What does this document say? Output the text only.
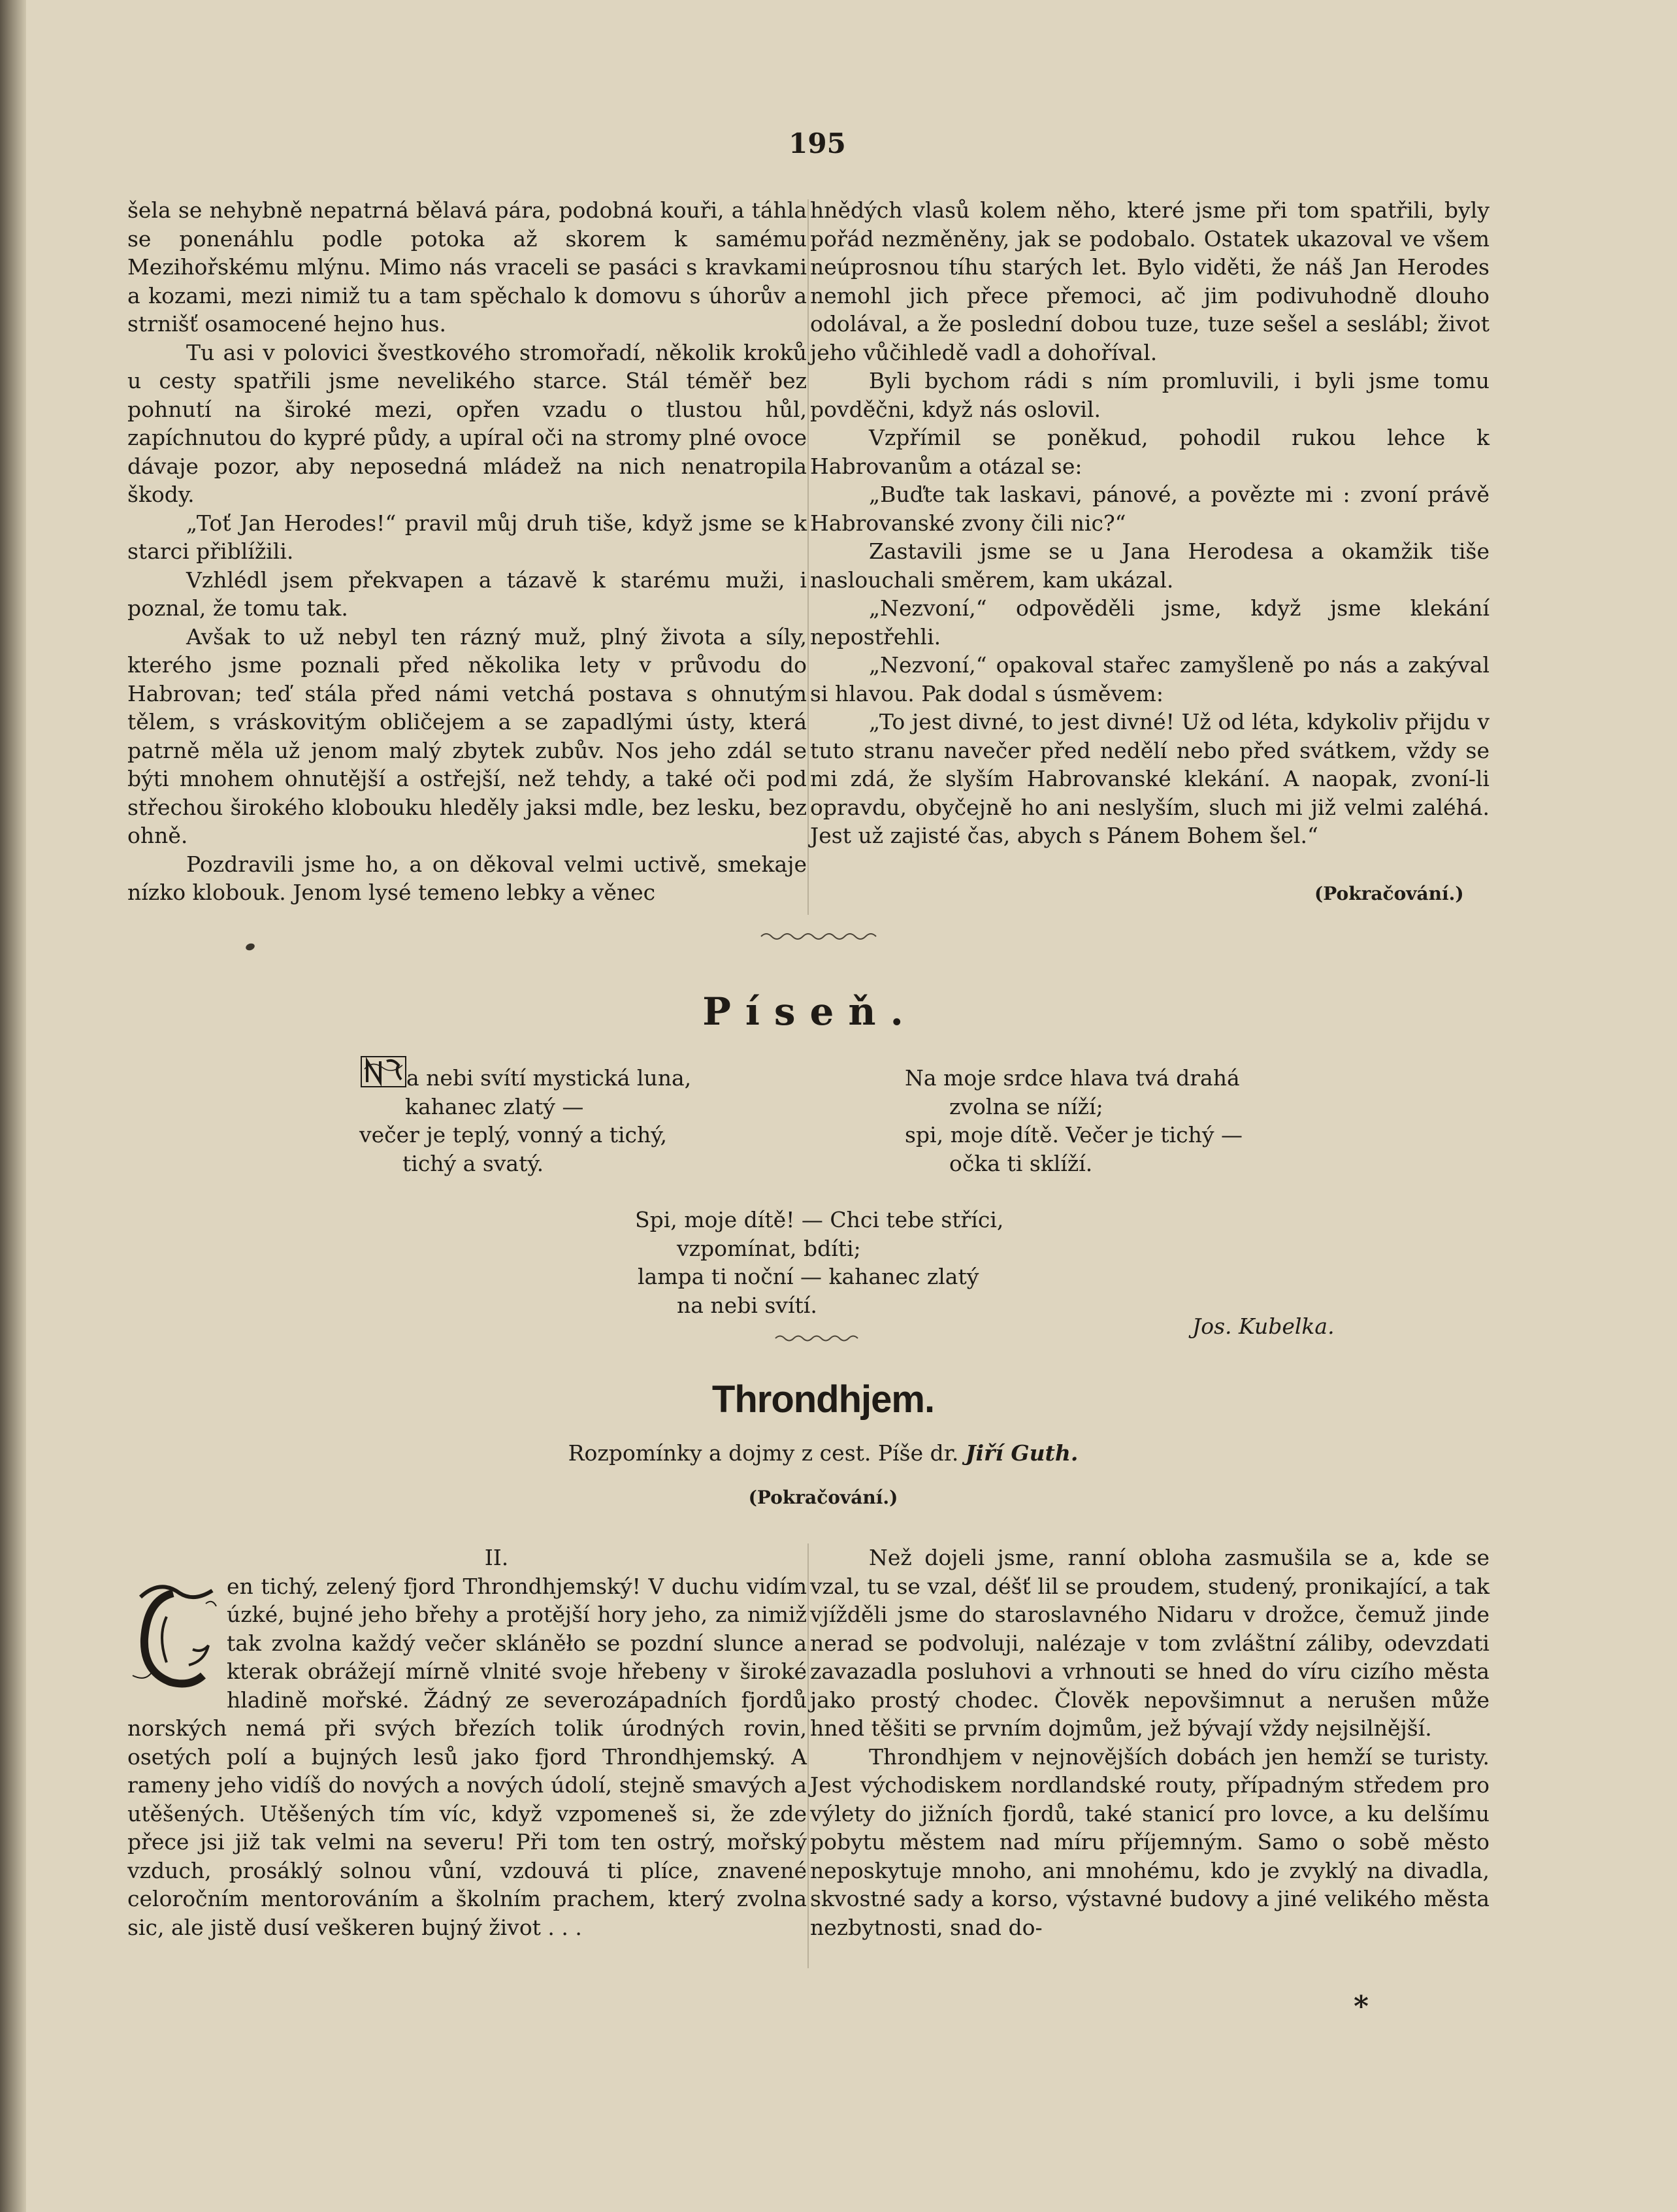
195

šela se nehybně nepatrná bělavá pára, podobná kouři, a táhla se ponenáhlu podle potoka až skorem k samému Mezihořskému mlýnu. Mimo nás vraceli se pasáci s kravkami a kozami, mezi nimiž tu a tam spěchalo k domovu s úhorův a strnišť osamocené hejno hus.

Tu asi v polovici švestkového stromořadí, několik kroků u cesty spatřili jsme nevelikého starce. Stál téměř bez pohnutí na široké mezi, opřen vzadu o tlustou hůl, zapíchnutou do kypré půdy, a upíral oči na stromy plné ovoce dávaje pozor, aby neposedná mládež na nich nenatropila škody.

„Toť Jan Herodes!“ pravil můj druh tiše, když jsme se k starci přiblížili.

Vzhlédl jsem překvapen a tázavě k starému muži, i poznal, že tomu tak.

Avšak to už nebyl ten rázný muž, plný života a síly, kterého jsme poznali před několika lety v průvodu do Habrovan; teď stála před námi vetchá postava s ohnutým tělem, s vráskovitým obličejem a se zapadlými ústy, která patrně měla už jenom malý zbytek zubův. Nos jeho zdál se býti mnohem ohnutější a ostřejší, než tehdy, a také oči pod střechou širokého klobouku hleděly jaksi mdle, bez lesku, bez ohně.

Pozdravili jsme ho, a on děkoval velmi uctivě, smekaje nízko klobouk. Jenom lysé temeno lebky a věnec

hnědých vlasů kolem něho, které jsme při tom spatřili, byly pořád nezměněny, jak se podobalo. Ostatek ukazoval ve všem neúprosnou tíhu starých let. Bylo viděti, že náš Jan Herodes nemohl jich přece přemoci, ač jim podivuhodně dlouho odolával, a že poslední dobou tuze, tuze sešel a seslábl; život jeho vůčihledě vadl a dohoříval.

Byli bychom rádi s ním promluvili, i byli jsme tomu povděčni, když nás oslovil.

Vzpřímil se poněkud, pohodil rukou lehce k Habrovanům a otázal se:

„Buďte tak laskavi, pánové, a povězte mi : zvoní právě Habrovanské zvony čili nic?“

Zastavili jsme se u Jana Herodesa a okamžik tiše naslouchali směrem, kam ukázal.

„Nezvoní,“ odpověděli jsme, když jsme klekání nepostřehli.

„Nezvoní,“ opakoval stařec zamyšleně po nás a zakýval si hlavou. Pak dodal s úsměvem:

„To jest divné, to jest divné! Už od léta, kdykoliv přijdu v tuto stranu navečer před nedělí nebo před svátkem, vždy se mi zdá, že slyším Habrovanské klekání. A naopak, zvoní-li opravdu, obyčejně ho ani neslyším, sluch mi již velmi zaléhá. Jest už zajisté čas, abych s Pánem Bohem šel.“

(Pokračování.)
Píseň.
a nebi svítí mystická luna,
kahanec zlatý —
večer je teplý, vonný a tichý,
tichý a svatý.
Na moje srdce hlava tvá drahá
zvolna se níží;
spi, moje dítě. Večer je tichý —
očka ti sklíží.
Spi, moje dítě! — Chci tebe stříci,
vzpomínat, bdíti;
lampa ti noční — kahanec zlatý
na nebi svítí.
Jos. Kubelka.
Throndhjem.
Rozpomínky a dojmy z cest. Píše dr. Jiří Guth.
(Pokračování.)
II.

en tichý, zelený fjord Throndhjemský! V duchu vidím úzké, bujné jeho břehy a protější hory jeho, za nimiž tak zvolna každý večer skláněło se pozdní slunce a kterak obrážejí mírně vlnité svoje hřebeny v široké hladině mořské. Žádný ze severozápadních fjordů norských nemá při svých březích tolik úrodných rovin, osetých polí a bujných lesů jako fjord Throndhjemský. A rameny jeho vidíš do nových a nových údolí, stejně smavých a utěšených. Utěšených tím víc, když vzpomeneš si, že zde přece jsi již tak velmi na severu! Při tom ten ostrý, mořský vzduch, prosáklý solnou vůní, vzdouvá ti plíce, znavené celoročním mentorováním a školním prachem, který zvolna sic, ale jistě dusí veškeren bujný život . . .

Než dojeli jsme, ranní obloha zasmušila se a, kde se vzal, tu se vzal, déšť lil se proudem, studený, pronikající, a tak vjížděli jsme do staroslavného Nidaru v drožce, čemuž jinde nerad se podvoluji, nalézaje v tom zvláštní záliby, odevzdati zavazadla posluhovi a vrhnouti se hned do víru cizího města jako prostý chodec. Člověk nepovšimnut a nerušen může hned těšiti se prvním dojmům, jež bývají vždy nejsilnější.

Throndhjem v nejnovějších dobách jen hemží se turisty. Jest východiskem nordlandské routy, případným středem pro výlety do jižních fjordů, také stanicí pro lovce, a ku delšímu pobytu městem nad míru příjemným. Samo o sobě město neposkytuje mnoho, ani mnohému, kdo je zvyklý na divadla, skvostné sady a korso, výstavné budovy a jiné velikého města nezbytnosti, snad do-

*
